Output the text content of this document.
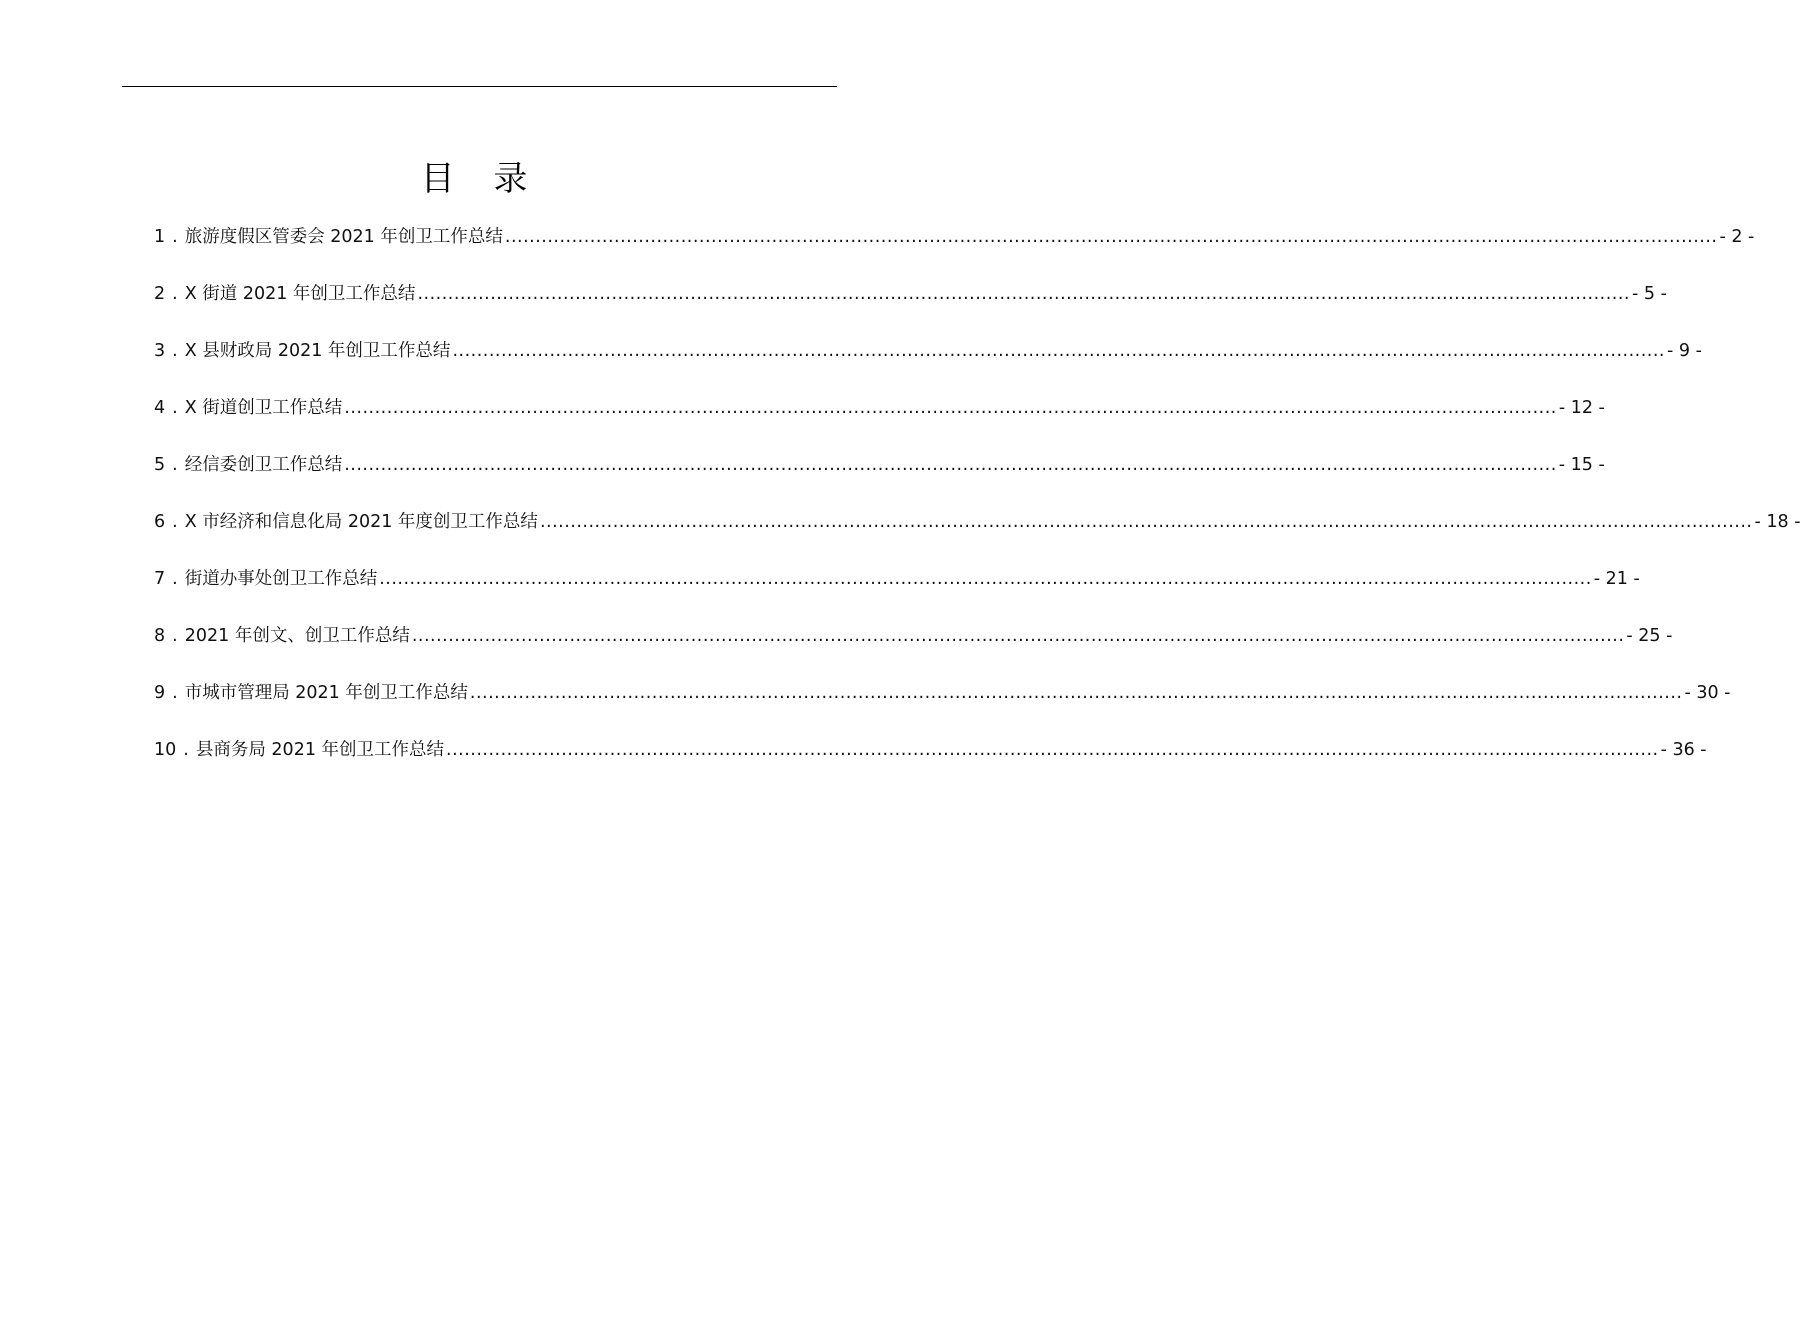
目 录
1 . 旅游度假区管委会 2021 年创卫工作总结 ........................................................................................................................................................................................................ - 2 -
2 . X 街道 2021 年创卫工作总结 ........................................................................................................................................................................................................ - 5 -
3 . X 县财政局 2021 年创卫工作总结 ........................................................................................................................................................................................................ - 9 -
4 . X 街道创卫工作总结 ........................................................................................................................................................................................................ - 12 -
5 . 经信委创卫工作总结 ........................................................................................................................................................................................................ - 15 -
6 . X 市经济和信息化局 2021 年度创卫工作总结 ........................................................................................................................................................................................................ - 18 -
7 . 街道办事处创卫工作总结 ........................................................................................................................................................................................................ - 21 -
8 . 2021 年创文、创卫工作总结 ........................................................................................................................................................................................................ - 25 -
9 . 市城市管理局 2021 年创卫工作总结 ........................................................................................................................................................................................................ - 30 -
10 . 县商务局 2021 年创卫工作总结 ........................................................................................................................................................................................................ - 36 -
